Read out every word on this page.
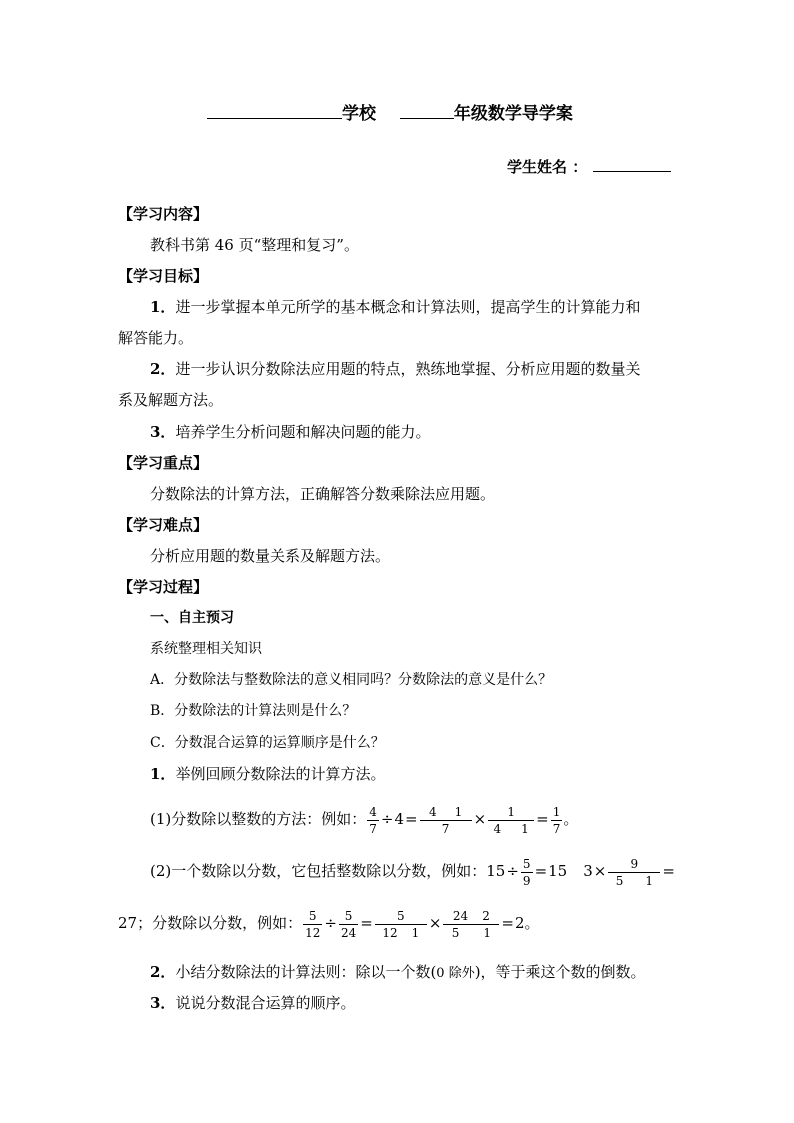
学校	年级数学导学案
学生姓名 ：
【学习内容】
教科书第 46 页“整理和复习”。
【学习目标】
1．进一步掌握本单元所学的基本概念和计算法则，提高学生的计算能力和
解答能力。
2．进一步认识分数除法应用题的特点，熟练地掌握、分析应用题的数量关
系及解题方法。
3．培养学生分析问题和解决问题的能力。
【学习重点】
分数除法的计算方法，正确解答分数乘除法应用题。
【学习难点】
分析应用题的数量关系及解题方法。
【学习过程】
一、自主预习
系统整理相关知识
A．分数除法与整数除法的意义相同吗？分数除法的意义是什么？
B．分数除法的计算法则是什么？
C．分数混合运算的运算顺序是什么？
1．举例回顾分数除法的计算方法。
(1)分数除以整数的方法：例如： $\frac{4}{7} \div 4= \frac{4 1}{7} \times \frac{1}{4 1} = \frac{1}{7}$ 。
(2)一个数除以分数，它包括整数除以分数，例如：$15\div \frac{5}{9} =15$ $3\times \frac{9}{5 1}$ =
27；分数除以分数，例如： $\frac{5}{12} \div \frac{5}{24} = \frac{5}{12 1} \times \frac{24 2}{5 1} =2$。
2．小结分数除法的计算法则：除以一个数(0 除外)，等于乘这个数的倒数。
3．说说分数混合运算的顺序。
